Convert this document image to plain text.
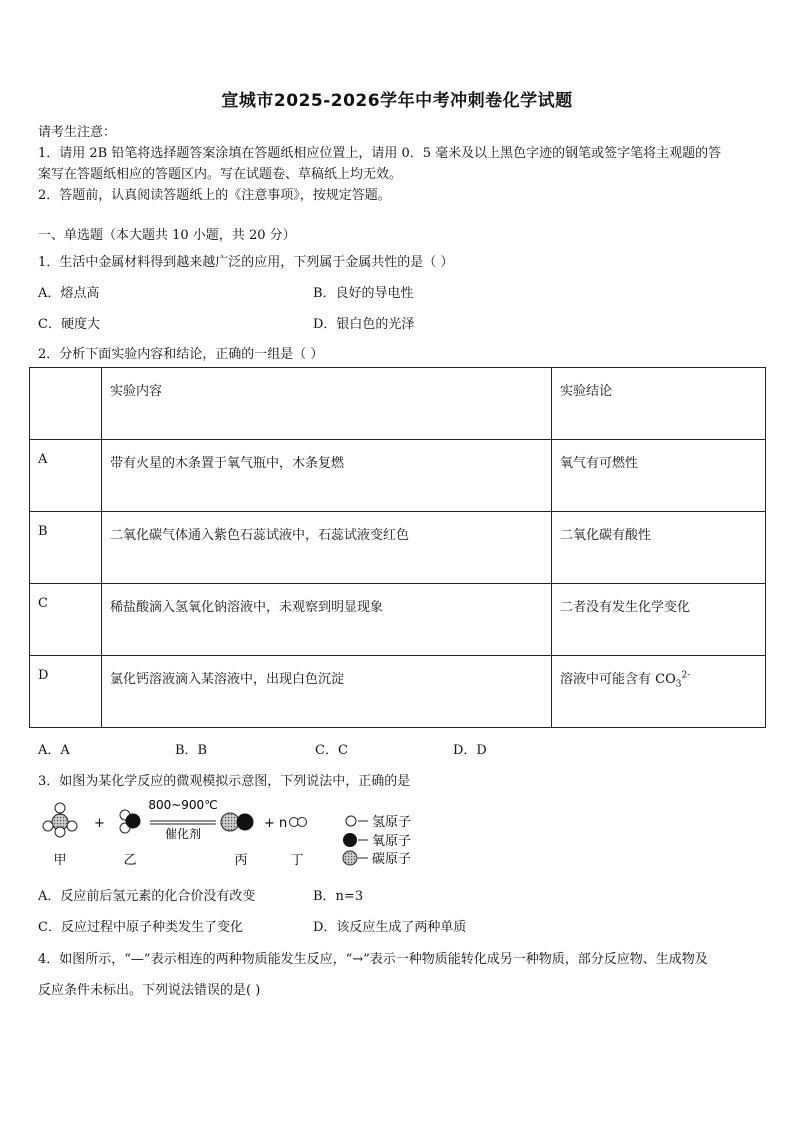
宣城市2025-2026学年中考冲刺卷化学试题
请考生注意：
1．请用 2B 铅笔将选择题答案涂填在答题纸相应位置上，请用 0．5 毫米及以上黑色字迹的钢笔或签字笔将主观题的答
案写在答题纸相应的答题区内。写在试题卷、草稿纸上均无效。
2．答题前，认真阅读答题纸上的《注意事项》，按规定答题。
一、单选题（本大题共 10 小题，共 20 分）
1．生活中金属材料得到越来越广泛的应用，下列属于金属共性的是（ ）
A．熔点高	B．良好的导电性
C．硬度大	D．银白色的光泽
2．分析下面实验内容和结论，正确的一组是（ ）
	实验内容	实验结论
A	带有火星的木条置于氧气瓶中，木条复燃	氧气有可燃性
B	二氧化碳气体通入紫色石蕊试液中，石蕊试液变红色	二氧化碳有酸性
C	稀盐酸滴入氢氧化钠溶液中，未观察到明显现象	二者没有发生化学变化
D	氯化钙溶液滴入某溶液中，出现白色沉淀	溶液中可能含有 $CO_3^{2-}$
A．A	B．B	C．C	D．D
3．如图为某化学反应的微观模拟示意图，下列说法中，正确的是
+
800~900℃
催化剂
+ n
甲	乙	丙	丁
氢原子
氧原子
碳原子
A．反应前后氢元素的化合价没有改变	B．n=3
C．反应过程中原子种类发生了变化	D．该反应生成了两种单质
4．如图所示，“—”表示相连的两种物质能发生反应，“→”表示一种物质能转化成另一种物质，部分反应物、生成物及
反应条件未标出。下列说法错误的是( )
